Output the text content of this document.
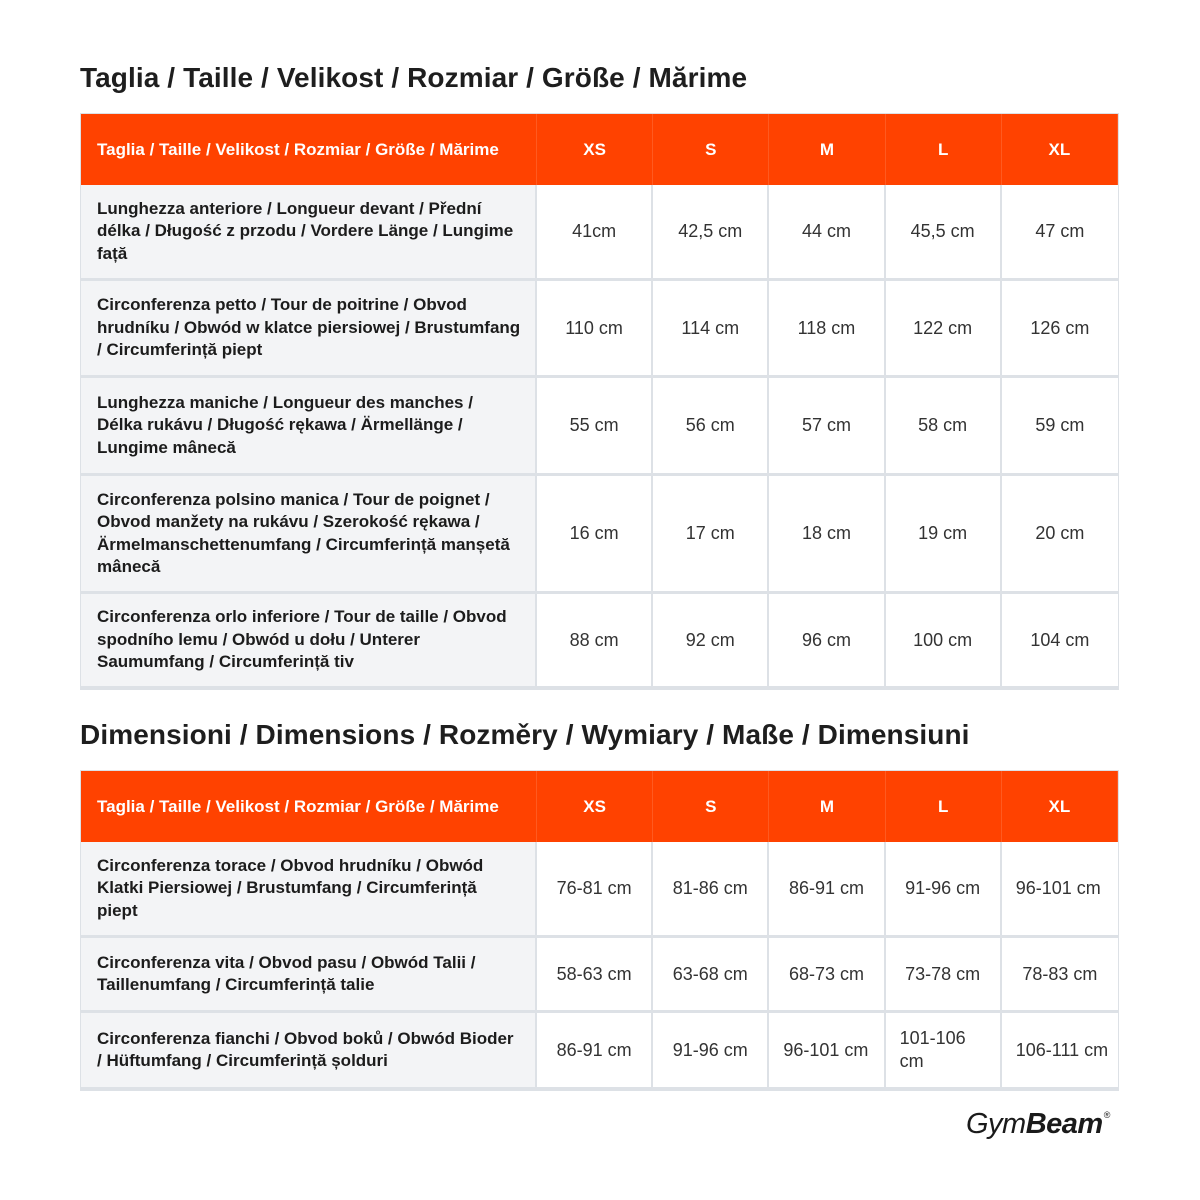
Taglia / Taille / Velikost / Rozmiar / Größe / Mărime
Taglia / Taille / Velikost / Rozmiar / Größe / Mărime	XS	S	M	L	XL
Lunghezza anteriore / Longueur devant / Přední délka / Długość z przodu / Vordere Länge / Lungime față	41cm	42,5 cm	44 cm	45,5 cm	47 cm
Circonferenza petto / Tour de poitrine / Obvod hrudníku / Obwód w klatce piersiowej / Brustumfang / Circumferință piept	110 cm	114 cm	118 cm	122 cm	126 cm
Lunghezza maniche / Longueur des manches / Délka rukávu / Długość rękawa / Ärmellänge / Lungime mânecă	55 cm	56 cm	57 cm	58 cm	59 cm
Circonferenza polsino manica / Tour de poignet / Obvod manžety na rukávu / Szerokość rękawa / Ärmelmanschettenumfang / Circumferință manșetă mânecă	16 cm	17 cm	18 cm	19 cm	20 cm
Circonferenza orlo inferiore / Tour de taille / Obvod spodního lemu / Obwód u dołu / Unterer Saumumfang / Circumferință tiv	88 cm	92 cm	96 cm	100 cm	104 cm
Dimensioni / Dimensions / Rozměry / Wymiary / Maße / Dimensiuni
Taglia / Taille / Velikost / Rozmiar / Größe / Mărime	XS	S	M	L	XL
Circonferenza torace / Obvod hrudníku / Obwód Klatki Piersiowej / Brustumfang / Circumferință piept	76-81 cm	81-86 cm	86-91 cm	91-96 cm	96-101 cm
Circonferenza vita / Obvod pasu / Obwód Talii / Taillenumfang / Circumferință talie	58-63 cm	63-68 cm	68-73 cm	73-78 cm	78-83 cm
Circonferenza fianchi / Obvod boků / Obwód Bioder / Hüftumfang / Circumferință șolduri	86-91 cm	91-96 cm	96-101 cm	101-106 cm	106-111 cm
GymBeam®
